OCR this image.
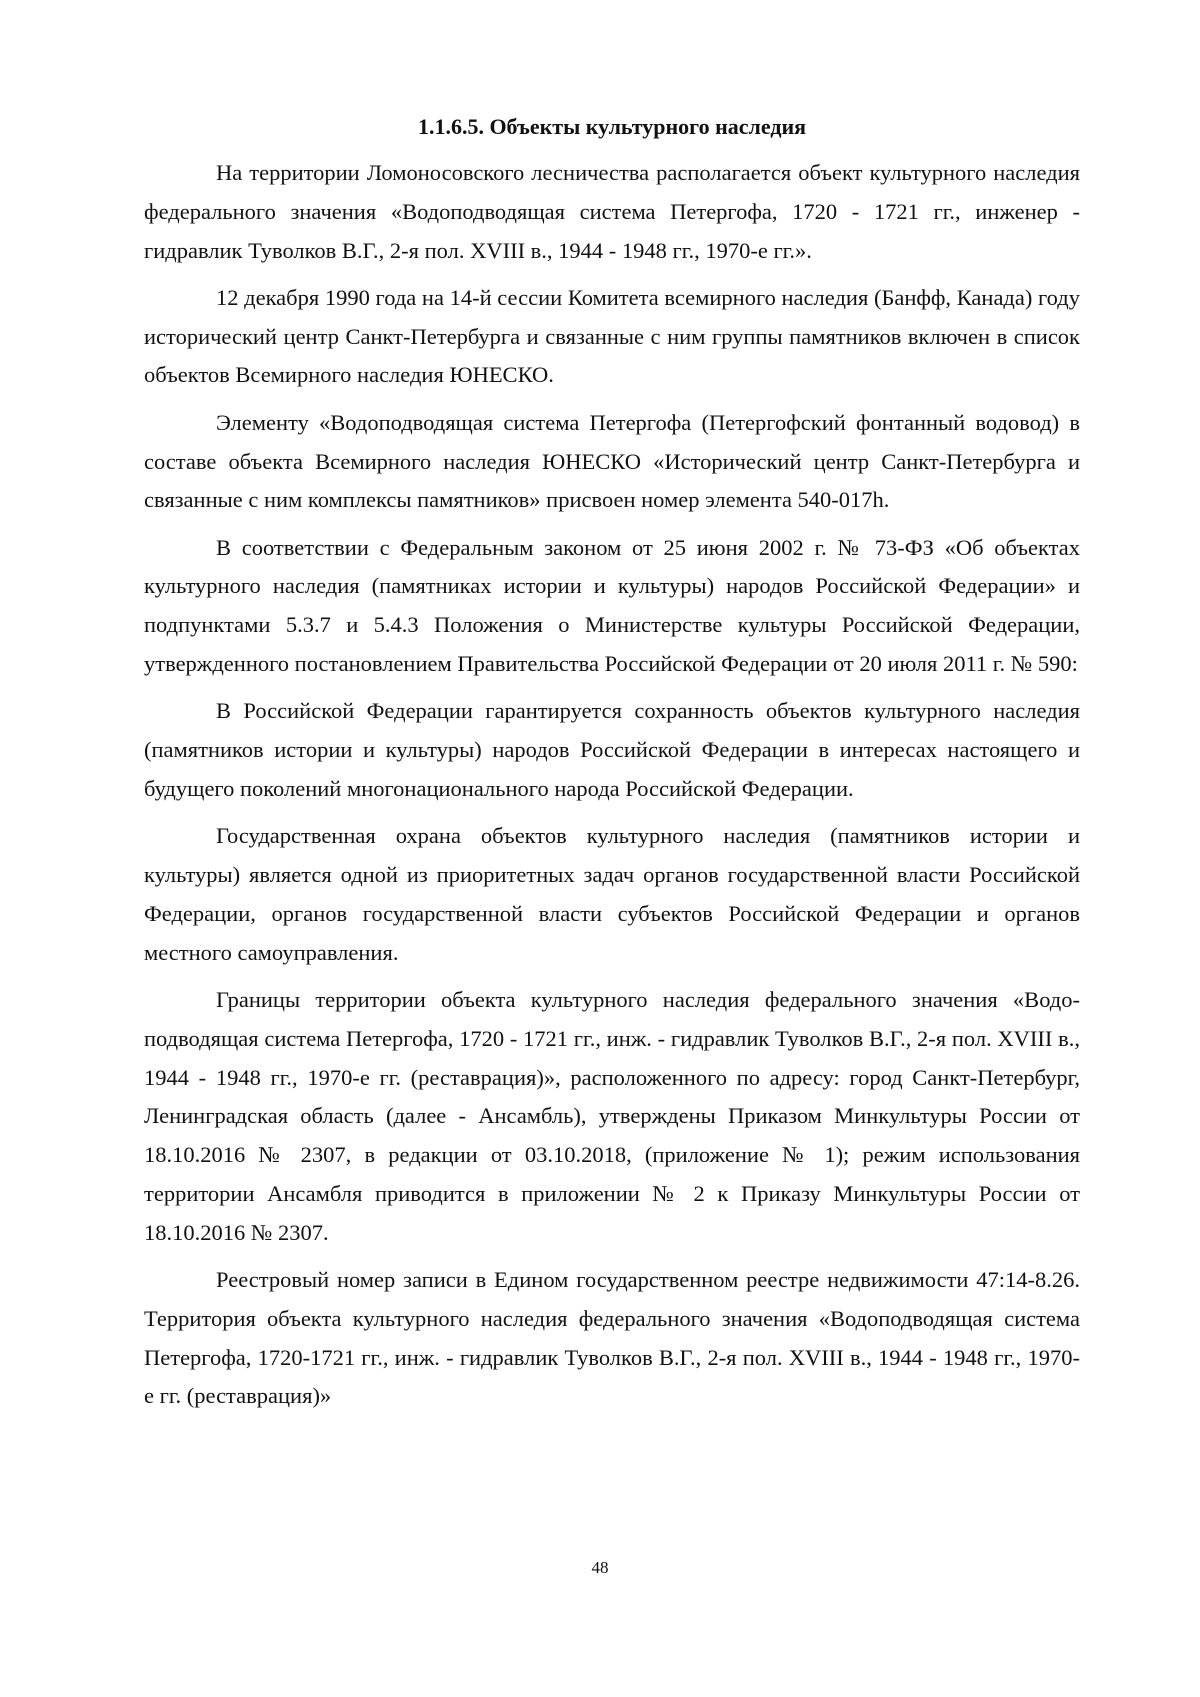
1.1.6.5. Объекты культурного наследия

На территории Ломоносовского лесничества располагается объект культурного наследия федерального значения «Водоподводящая система Петергофа, 1720 - 1721 гг., инженер - гидравлик Туволков В.Г., 2-я пол. XVIII в., 1944 - 1948 гг., 1970-е гг.».

12 декабря 1990 года на 14-й сессии Комитета всемирного наследия (Банфф, Канада) году исторический центр Санкт-Петербурга и связанные с ним группы памятников включен в список объектов Всемирного наследия ЮНЕСКО.

Элементу «Водоподводящая система Петергофа (Петергофский фонтанный водовод) в составе объекта Всемирного наследия ЮНЕСКО «Исторический центр Санкт-Петербурга и связанные с ним комплексы памятников» присвоен номер элемента 540-017h.

В соответствии с Федеральным законом от 25 июня 2002 г. № 73-ФЗ «Об объектах культурного наследия (памятниках истории и культуры) народов Российской Федерации» и подпунктами 5.3.7 и 5.4.3 Положения о Министерстве культуры Российской Федерации, утвержденного постановлением Правительства Российской Федерации от 20 июля 2011 г. № 590:

В Российской Федерации гарантируется сохранность объектов культурного наследия (памятников истории и культуры) народов Российской Федерации в интересах настоящего и будущего поколений многонационального народа Российской Федерации.

Государственная охрана объектов культурного наследия (памятников истории и культуры) является одной из приоритетных задач органов государственной власти Российской Федерации, органов государственной власти субъектов Российской Федерации и органов местного самоуправления.

Границы территории объекта культурного наследия федерального значения «Водоподводящая система Петергофа, 1720 - 1721 гг., инж. - гидравлик Туволков В.Г., 2-я пол. XVIII в., 1944 - 1948 гг., 1970-е гг. (реставрация)», расположенного по адресу: город Санкт-Петербург, Ленинградская область (далее - Ансамбль), утверждены Приказом Минкультуры России от 18.10.2016 № 2307, в редакции от 03.10.2018, (приложение № 1); режим использования территории Ансамбля приводится в приложении № 2 к Приказу Минкультуры России от 18.10.2016 № 2307.

Реестровый номер записи в Едином государственном реестре недвижимости 47:14-8.26. Территория объекта культурного наследия федерального значения «Водоподводящая система Петергофа, 1720-1721 гг., инж. - гидравлик Туволков В.Г., 2-я пол. XVIII в., 1944 - 1948 гг., 1970-е гг. (реставрация)»

48
